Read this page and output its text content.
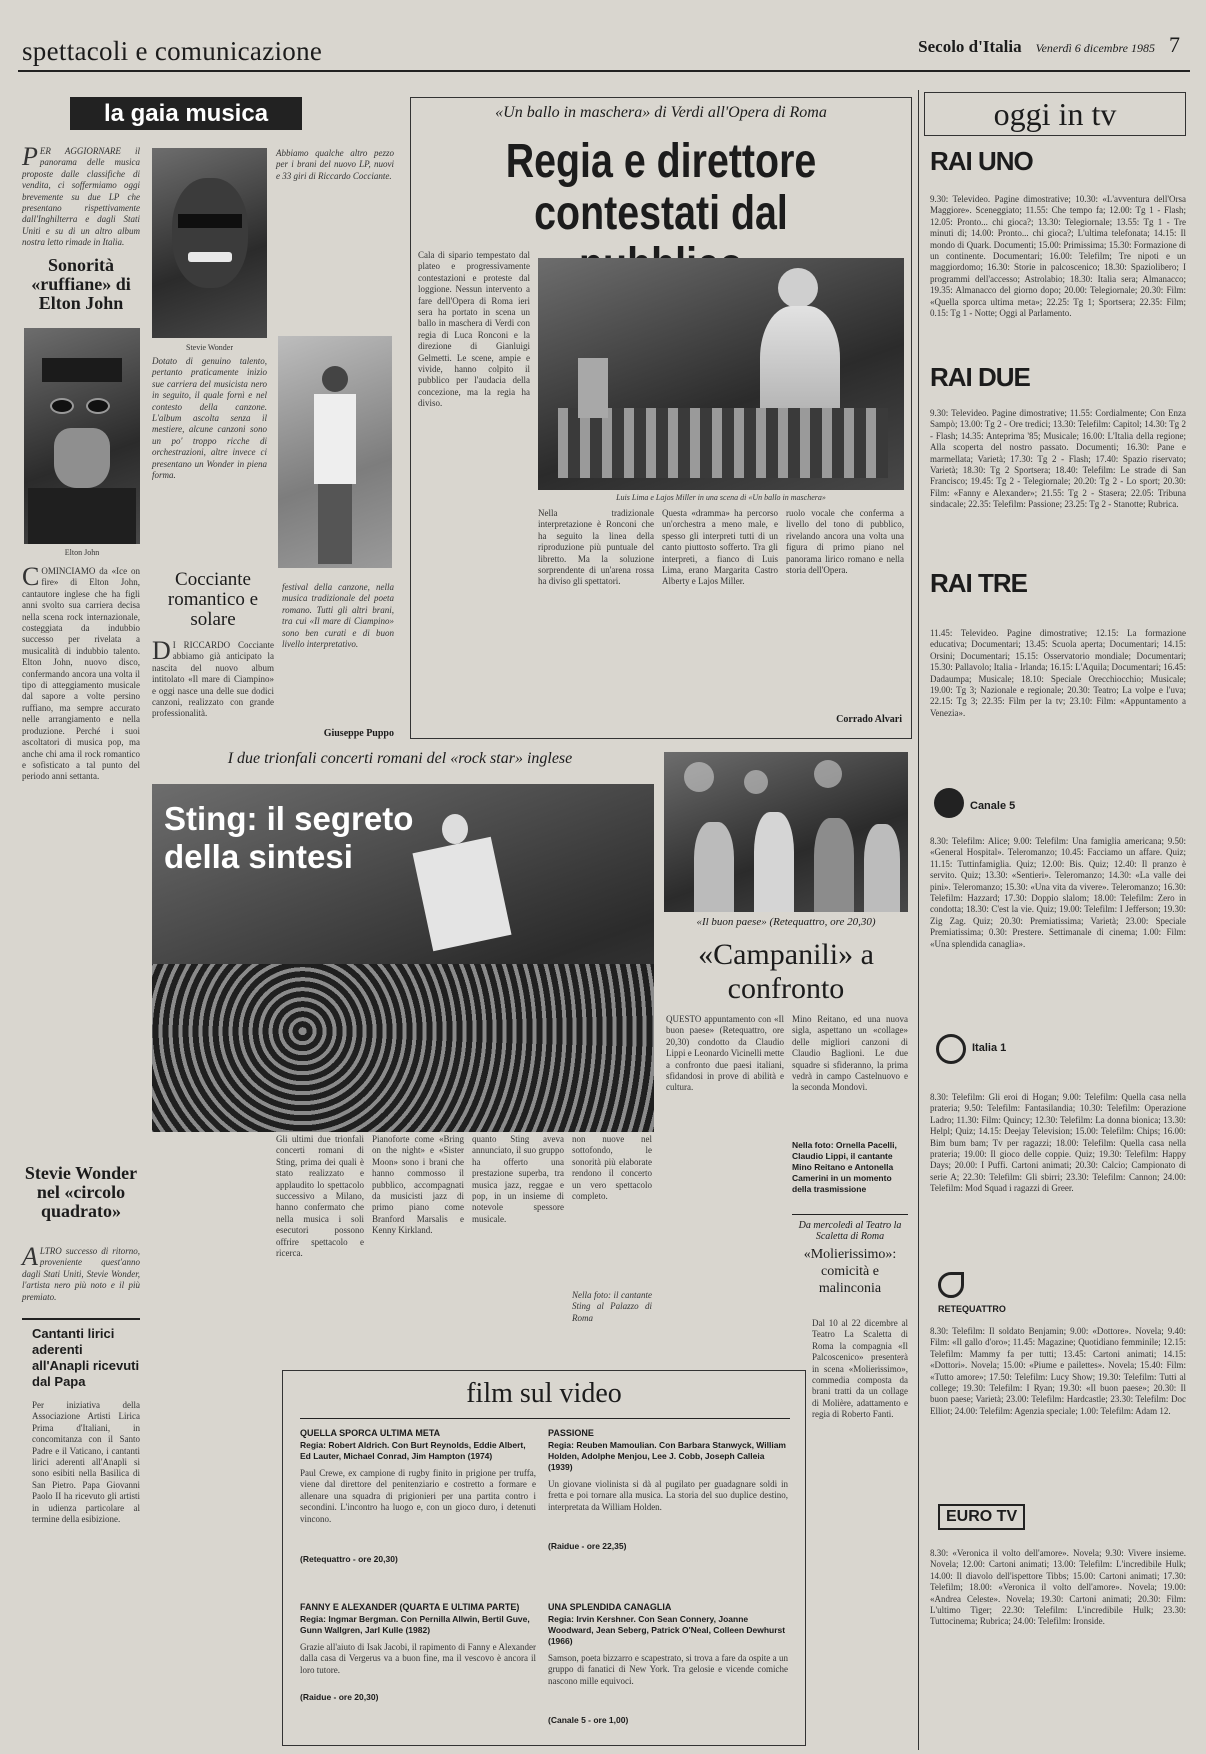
spettacoli e comunicazione	Secolo d'Italia Venerdì 6 dicembre 1985 7
la gaia musica
PER AGGIORNARE il panorama delle musica proposte dalle classifiche di vendita, ci soffermiamo oggi brevemente su due LP che presentano rispettivamente dall'Inghilterra e dagli Stati Uniti e su di un altro album nostra letto rimade in Italia.
Sonorità «ruffiane» di Elton John
Elton John
COMINCIAMO da «Ice on fire» di Elton John, cantautore inglese che ha figli anni svolto sua carriera decisa nella scena rock internazionale, costeggiata da indubbio successo per rivelata a musicalità di indubbio talento. Elton John, nuovo disco, confermando ancora una volta il tipo di atteggiamento musicale dal sapore a volte persino ruffiano, ma sempre accurato nelle arrangiamento e nella produzione. Perché i suoi ascoltatori di musica pop, ma anche chi ama il rock romantico e sofisticato a tal punto del periodo anni settanta.
Stevie Wonder nel «circolo quadrato»
ALTRO successo di ritorno, proveniente quest'anno dagli Stati Uniti, Stevie Wonder, l'artista nero più noto e il più premiato.
Cantanti lirici aderenti all'Anapli ricevuti dal Papa
Per iniziativa della Associazione Artisti Lirica Prima d'Italiani, in concomitanza con il Santo Padre e il Vaticano, i cantanti lirici aderenti all'Anapli si sono esibiti nella Basilica di San Pietro. Papa Giovanni Paolo II ha ricevuto gli artisti in udienza particolare al termine della esibizione.
Stevie Wonder
Dotato di genuino talento, pertanto praticamente inizio sue carriera del musicista nero in seguito, il quale fornì e nel contesto della canzone. L'album ascolta senza il mestiere, alcune canzoni sono un po' troppo ricche di orchestrazioni, altre invece ci presentano un Wonder in piena forma.
Abbiamo qualche altro pezzo per i brani del nuovo LP, nuovi e 33 giri di Riccardo Cocciante.
Cocciante romantico e solare
DI RICCARDO Cocciante abbiamo già anticipato la nascita del nuovo album intitolato «Il mare di Ciampino» e oggi nasce una delle sue dodici canzoni, realizzato con grande professionalità.
festival della canzone, nella musica tradizionale del poeta romano. Tutti gli altri brani, tra cui «Il mare di Ciampino» sono ben curati e di buon livello interpretativo.
Giuseppe Puppo
«Un ballo in maschera» di Verdi all'Opera di Roma
Regia e direttore contestati dal
Cala di sipario tempestato dal plateo e progressivamente contestazioni e proteste dal loggione. Nessun intervento a fare dell'Opera di Roma ieri sera ha portato in scena un ballo in maschera di Verdi con regia di Luca Ronconi e la direzione di Gianluigi Gelmetti. Le scene, ampie e vivide, hanno colpito il pubblico per l'audacia della concezione, ma la regia ha diviso.
Luis Lima e Lajos Miller in una scena di «Un ballo in maschera»
Nella tradizionale interpretazione è Ronconi che ha seguito la linea della riproduzione più puntuale del libretto. Ma la soluzione sorprendente di un'arena rossa ha diviso gli spettatori.
Questa «dramma» ha percorso un'orchestra a meno male, e spesso gli interpreti tutti di un canto piuttosto sofferto. Tra gli interpreti, a fianco di Luis Lima, erano Margarita Castro Alberty e Lajos Miller.
ruolo vocale che conferma a livello del tono di pubblico, rivelando ancora una volta una figura di primo piano nel panorama lirico romano e nella storia dell'Opera.
Corrado Alvari
I due trionfali concerti romani del «rock star» inglese
Sting: il segreto della sintesi
Gli ultimi due trionfali concerti romani di Sting, prima dei quali è stato realizzato e applaudito lo spettacolo successivo a Milano, hanno confermato che nella musica i soli esecutori possono offrire spettacolo e ricerca.
Pianoforte come «Bring on the night» e «Sister Moon» sono i brani che hanno commosso il pubblico, accompagnati da musicisti jazz di primo piano come Branford Marsalis e Kenny Kirkland.
quanto Sting aveva annunciato, il suo gruppo ha offerto una prestazione superba, tra musica jazz, reggae e pop, in un insieme di notevole spessore musicale.
non nuove nel sottofondo, le sonorità più elaborate rendono il concerto un vero spettacolo completo.
Nella foto: il cantante Sting al Palazzo di Roma
film sul video
QUELLA SPORCA ULTIMA META
Regia: Robert Aldrich. Con Burt Reynolds, Eddie Albert, Ed Lauter, Michael Conrad, Jim Hampton (1974)
Paul Crewe, ex campione di rugby finito in prigione per truffa, viene dal direttore del penitenziario e costretto a formare e allenare una squadra di prigionieri per una partita contro i secondini. L'incontro ha luogo e, con un gioco duro, i detenuti vincono.
(Retequattro - ore 20,30)
PASSIONE
Regia: Reuben Mamoulian. Con Barbara Stanwyck, William Holden, Adolphe Menjou, Lee J. Cobb, Joseph Calleia (1939)
Un giovane violinista si dà al pugilato per guadagnare soldi in fretta e poi tornare alla musica. La storia del suo duplice destino, interpretata da William Holden.
(Raidue - ore 22,35)
FANNY E ALEXANDER (QUARTA E ULTIMA PARTE)
Regia: Ingmar Bergman. Con Pernilla Allwin, Bertil Guve, Gunn Wallgren, Jarl Kulle (1982)
Grazie all'aiuto di Isak Jacobi, il rapimento di Fanny e Alexander dalla casa di Vergerus va a buon fine, ma il vescovo è ancora il loro tutore.
(Raidue - ore 20,30)
UNA SPLENDIDA CANAGLIA
Regia: Irvin Kershner. Con Sean Connery, Joanne Woodward, Jean Seberg, Patrick O'Neal, Colleen Dewhurst (1966)
Samson, poeta bizzarro e scapestrato, si trova a fare da ospite a un gruppo di fanatici di New York. Tra gelosie e vicende comiche nascono mille equivoci.
(Canale 5 - ore 1,00)
«Il buon paese» (Retequattro, ore 20,30)
«Campanili» a confronto
QUESTO appuntamento con «Il buon paese» (Retequattro, ore 20,30) condotto da Claudio Lippi e Leonardo Vicinelli mette a confronto due paesi italiani, sfidandosi in prove di abilità e cultura.
Mino Reitano, ed una nuova sigla, aspettano un «collage» delle migliori canzoni di Claudio Baglioni. Le due squadre si sfideranno, la prima vedrà in campo Castelnuovo e la seconda Mondovì.
Nella foto: Ornella Pacelli, Claudio Lippi, il cantante Mino Reitano e Antonella Camerini in un momento della trasmissione
Da mercoledì al Teatro la Scaletta di Roma
«Molierissimo»: comicità e malinconia
Dal 10 al 22 dicembre al Teatro La Scaletta di Roma la compagnia «Il Palcoscenico» presenterà in scena «Molierissimo», commedia composta da brani tratti da un collage di Molière, adattamento e regia di Roberto Fanti.
oggi in tv
RAI UNO
9.30: Televideo. Pagine dimostrative; 10.30: «L'avventura dell'Orsa Maggiore». Sceneggiato; 11.55: Che tempo fa; 12.00: Tg 1 - Flash; 12.05: Pronto... chi gioca?; 13.30: Telegiornale; 13.55: Tg 1 - Tre minuti di; 14.00: Pronto... chi gioca?; L'ultima telefonata; 14.15: Il mondo di Quark. Documenti; 15.00: Primissima; 15.30: Formazione di un continente. Documentari; 16.00: Telefilm; Tre nipoti e un maggiordomo; 16.30: Storie in palcoscenico; 18.30: Spaziolibero; I programmi dell'accesso; Astrolabio; 18.30: Italia sera; Almanacco; 19.35: Almanacco del giorno dopo; 20.00: Telegiornale; 20.30: Film: «Quella sporca ultima meta»; 22.25: Tg 1; Sportsera; 22.35: Film; 0.15: Tg 1 - Notte; Oggi al Parlamento.
RAI DUE
9.30: Televideo. Pagine dimostrative; 11.55: Cordialmente; Con Enza Sampò; 13.00: Tg 2 - Ore tredici; 13.30: Telefilm: Capitol; 14.30: Tg 2 - Flash; 14.35: Anteprima '85; Musicale; 16.00: L'Italia della regione; Alla scoperta del nostro passato. Documenti; 16.30: Pane e marmellata; Varietà; 17.30: Tg 2 - Flash; 17.40: Spazio riservato; Varietà; 18.30: Tg 2 Sportsera; 18.40: Telefilm: Le strade di San Francisco; 19.45: Tg 2 - Telegiornale; 20.20: Tg 2 - Lo sport; 20.30: Film: «Fanny e Alexander»; 21.55: Tg 2 - Stasera; 22.05: Tribuna sindacale; 22.35: Telefilm: Passione; 23.25: Tg 2 - Stanotte; Rubrica.
RAI TRE
11.45: Televideo. Pagine dimostrative; 12.15: La formazione educativa; Documentari; 13.45: Scuola aperta; Documentari; 14.15: Orsini; Documentari; 15.15: Osservatorio mondiale; Documentari; 15.30: Pallavolo; Italia - Irlanda; 16.15: L'Aquila; Documentari; 16.45: Dadaumpa; Musicale; 18.10: Speciale Orecchiocchio; Musicale; 19.00: Tg 3; Nazionale e regionale; 20.30: Teatro; La volpe e l'uva; 22.15: Tg 3; 22.35: Film per la tv; 23.10: Film: «Appuntamento a Venezia».
Canale 5
8.30: Telefilm: Alice; 9.00: Telefilm: Una famiglia americana; 9.50: «General Hospital». Teleromanzo; 10.45: Facciamo un affare. Quiz; 11.15: Tuttinfamiglia. Quiz; 12.00: Bis. Quiz; 12.40: Il pranzo è servito. Quiz; 13.30: «Sentieri». Teleromanzo; 14.30: «La valle dei pini». Teleromanzo; 15.30: «Una vita da vivere». Teleromanzo; 16.30: Telefilm: Hazzard; 17.30: Doppio slalom; 18.00: Telefilm: Zero in condotta; 18.30: C'est la vie. Quiz; 19.00: Telefilm: I Jefferson; 19.30: Zig Zag. Quiz; 20.30: Premiatissima; Varietà; 23.00: Speciale Premiatissima; 0.30: Prestere. Settimanale di cinema; 1.00: Film: «Una splendida canaglia».
Italia 1
8.30: Telefilm: Gli eroi di Hogan; 9.00: Telefilm: Quella casa nella prateria; 9.50: Telefilm: Fantasilandia; 10.30: Telefilm: Operazione Ladro; 11.30: Film: Quincy; 12.30: Telefilm: La donna bionica; 13.30: Helpl; Quiz; 14.15: Deejay Television; 15.00: Telefilm: Chips; 16.00: Bim bum bam; Tv per ragazzi; 18.00: Telefilm: Quella casa nella prateria; 19.00: Il gioco delle coppie. Quiz; 19.30: Telefilm: Happy Days; 20.00: I Puffi. Cartoni animati; 20.30: Calcio; Campionato di serie A; 22.30: Telefilm: Gli sbirri; 23.30: Telefilm: Cannon; 24.00: Telefilm: Mod Squad i ragazzi di Greer.
RETEQUATTRO
8.30: Telefilm: Il soldato Benjamin; 9.00: «Dottore». Novela; 9.40: Film: «Il gallo d'oro»; 11.45: Magazine; Quotidiano femminile; 12.15: Telefilm: Mammy fa per tutti; 13.45: Cartoni animati; 14.15: «Dottori». Novela; 15.00: «Piume e pailettes». Novela; 15.40: Film: «Tutto amore»; 17.50: Telefilm: Lucy Show; 19.30: Telefilm: Tutti al college; 19.30: Telefilm: I Ryan; 19.30: «Il buon paese»; 20.30: Il buon paese; Varietà; 23.00: Telefilm: Hardcastle; 23.30: Telefilm: Doc Elliot; 24.00: Telefilm: Agenzia speciale; 1.00: Telefilm: Adam 12.
EURO TV
8.30: «Veronica il volto dell'amore». Novela; 9.30: Vivere insieme. Novela; 12.00: Cartoni animati; 13.00: Telefilm: L'incredibile Hulk; 14.00: Il diavolo dell'ispettore Tibbs; 15.00: Cartoni animati; 17.30: Telefilm; 18.00: «Veronica il volto dell'amore». Novela; 19.00: «Andrea Celeste». Novela; 19.30: Cartoni animati; 20.30: Film: L'ultimo Tiger; 22.30: Telefilm: L'incredibile Hulk; 23.30: Tuttocinema; Rubrica; 24.00: Telefilm: Ironside.
